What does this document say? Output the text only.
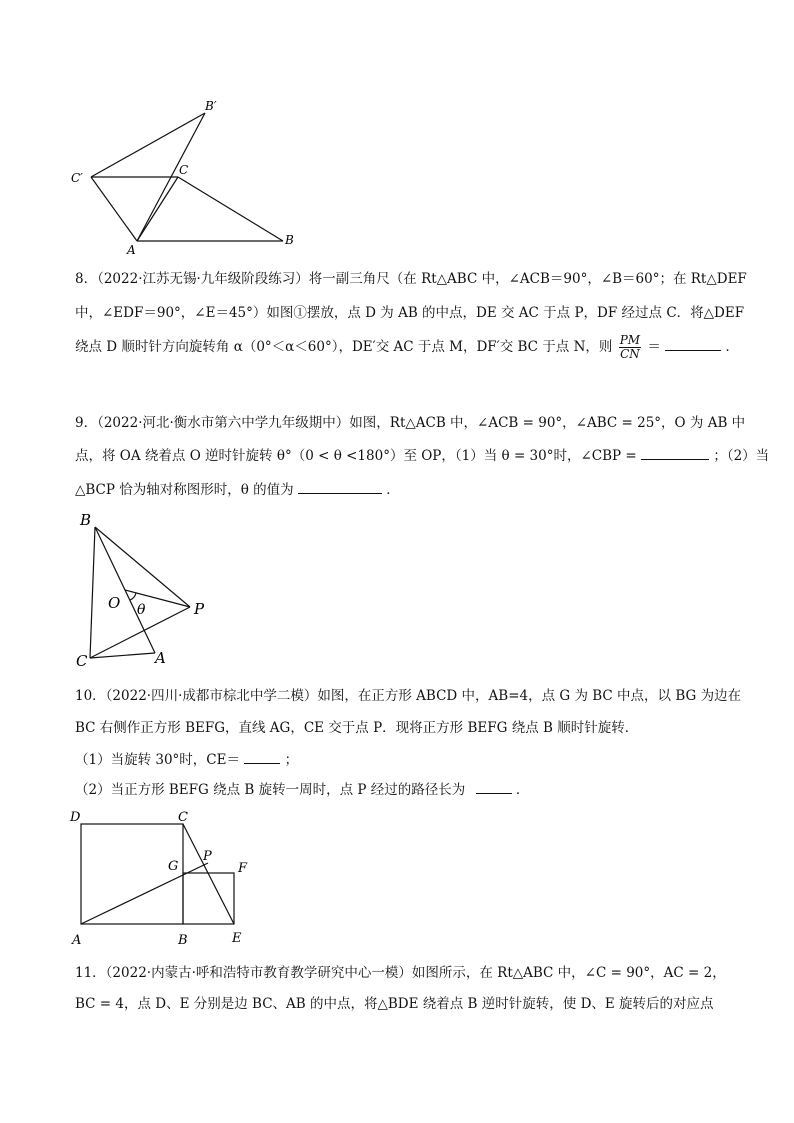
B′
C′
C
A
B
8．（2022·江苏无锡·九年级阶段练习）将一副三角尺（在 Rt△ABC 中，∠ACB＝90°，∠B＝60°；在 Rt△DEF
中，∠EDF＝90°，∠E＝45°）如图①摆放，点 D 为 AB 的中点，DE 交 AC 于点 P，DF 经过点 C．将△DEF
绕点 D 顺时针方向旋转角 α（0°＜α＜60°），DE′交 AC 于点 M，DF′交 BC 于点 N，则 $\frac{PM}{CN}$ ＝	．
9．（2022·河北·衡水市第六中学九年级期中）如图，Rt△ACB 中，∠ACB = 90°，∠ABC = 25°，O 为 AB 中
点，将 OA 绕着点 O 逆时针旋转 θ°（0 < θ <180°）至 OP，（1）当 θ = 30°时，∠CBP =	；（2）当
△BCP 恰为轴对称图形时，θ 的值为	．
B
O θ	P
C	A
10．（2022·四川·成都市棕北中学二模）如图，在正方形 ABCD 中，AB=4，点 G 为 BC 中点，以 BG 为边在
BC 右侧作正方形 BEFG，直线 AG，CE 交于点 P．现将正方形 BEFG 绕点 B 顺时针旋转．
（1）当旋转 30°时，CE＝	；
（2）当正方形 BEFG 绕点 B 旋转一周时，点 P 经过的路径长为	．
D	C
P
F
G
A	B	E
11．（2022·内蒙古·呼和浩特市教育教学研究中心一模）如图所示，在 Rt△ABC 中，∠C = 90°，AC = 2，
BC = 4，点 D、E 分别是边 BC、AB 的中点，将△BDE 绕着点 B 逆时针旋转，使 D、E 旋转后的对应点
